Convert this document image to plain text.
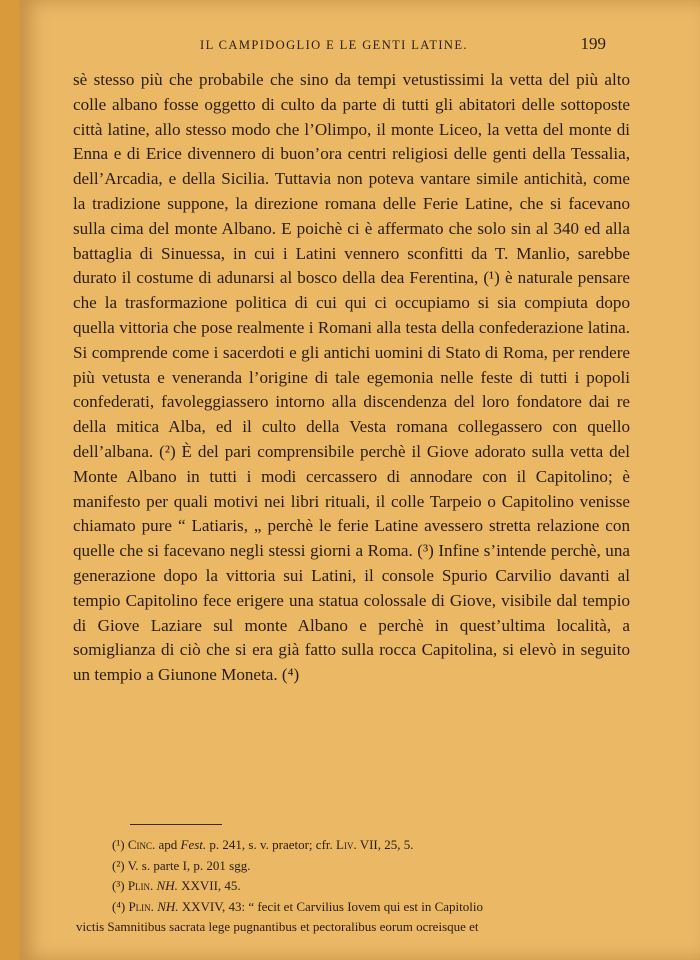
IL CAMPIDOGLIO E LE GENTI LATINE.	199

sè stesso più che probabile che sino da tempi vetustissimi la vetta del più alto colle albano fosse oggetto di culto da parte di tutti gli abitatori delle sottoposte città latine, allo stesso modo che l’Olimpo, il monte Liceo, la vetta del monte di Enna e di Erice divennero di buon’ora centri religiosi delle genti della Tessalia, dell’Arcadia, e della Sicilia. Tuttavia non poteva vantare simile antichità, come la tradizione suppone, la direzione romana delle Ferie Latine, che si facevano sulla cima del monte Albano. E poichè ci è affermato che solo sin al 340 ed alla battaglia di Sinuessa, in cui i Latini vennero sconfitti da T. Manlio, sarebbe durato il costume di adunarsi al bosco della dea Ferentina, (¹) è naturale pensare che la trasformazione politica di cui qui ci occupiamo si sia compiuta dopo quella vittoria che pose realmente i Romani alla testa della confederazione latina. Si comprende come i sacerdoti e gli antichi uomini di Stato di Roma, per rendere più vetusta e veneranda l’origine di tale egemonia nelle feste di tutti i popoli confederati, favoleggiassero intorno alla discendenza del loro fondatore dai re della mitica Alba, ed il culto della Vesta romana collegassero con quello dell’albana. (²) È del pari comprensibile perchè il Giove adorato sulla vetta del Monte Albano in tutti i modi cercassero di annodare con il Capitolino; è manifesto per quali motivi nei libri rituali, il colle Tarpeio o Capitolino venisse chiamato pure “ Latiaris, „ perchè le ferie Latine avessero stretta relazione con quelle che si facevano negli stessi giorni a Roma. (³) Infine s’intende perchè, una generazione dopo la vittoria sui Latini, il console Spurio Carvilio davanti al tempio Capitolino fece erigere una statua colossale di Giove, visibile dal tempio di Giove Laziare sul monte Albano e perchè in quest’ultima località, a somiglianza di ciò che si era già fatto sulla rocca Capitolina, si elevò in seguito un tempio a Giunone Moneta. (⁴)

(¹) Cinc. apd Fest. p. 241, s. v. praetor; cfr. Liv. VII, 25, 5.
(²) V. s. parte I, p. 201 sgg.
(³) Plin. NH. XXVII, 45.
(⁴) Plin. NH. XXVIV, 43: “ fecit et Carvilius Iovem qui est in Capitolio
victis Samnitibus sacrata lege pugnantibus et pectoralibus eorum ocreisque et
